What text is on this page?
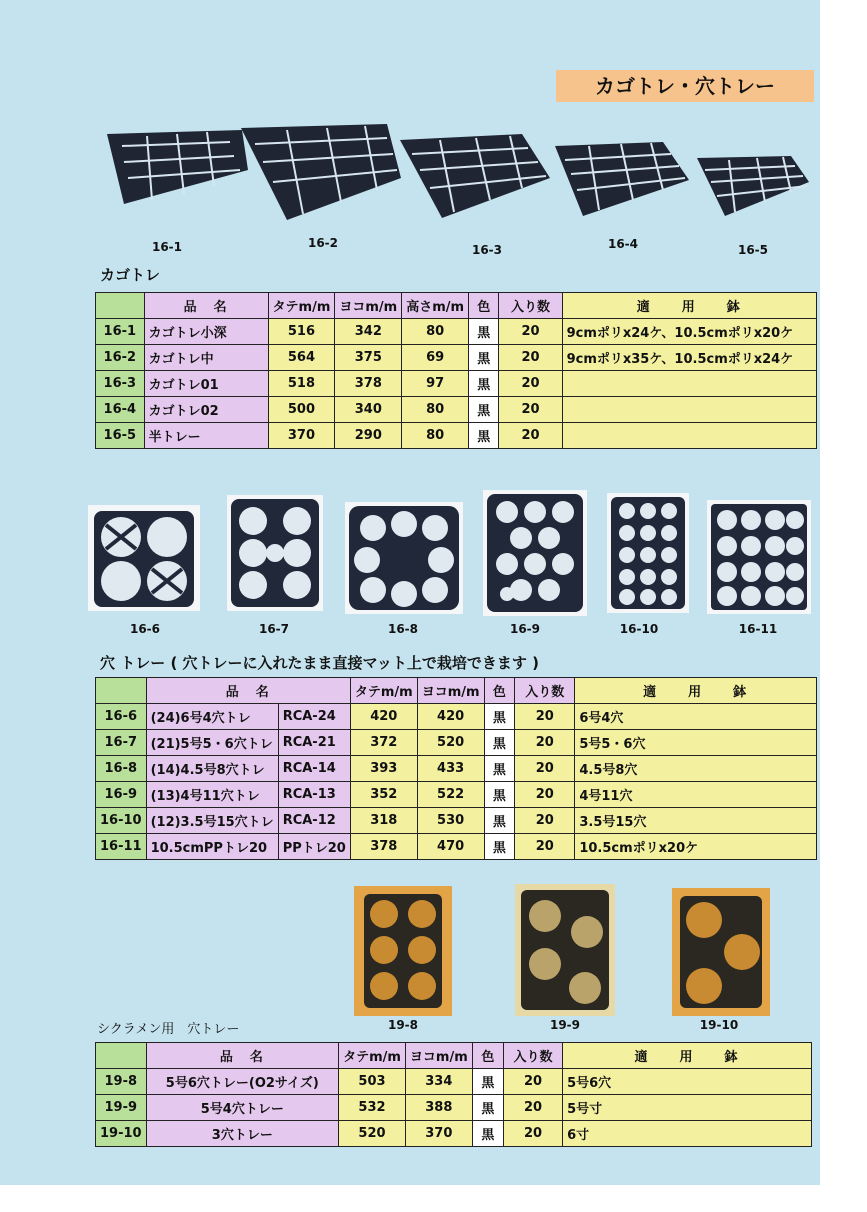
カゴトレ・穴トレー
16-1	16-2	16-3	16-4	16-5
カゴトレ
	品　名	タテm/m	ヨコm/m	高さm/m	色	入り数	適　　用　　鉢
16-1	カゴトレ小深	516	342	80	黒	20	9cmポリx24ケ、10.5cmポリx20ケ
16-2	カゴトレ中	564	375	69	黒	20	9cmポリx35ケ、10.5cmポリx24ケ
16-3	カゴトレ01	518	378	97	黒	20	
16-4	カゴトレ02	500	340	80	黒	20	
16-5	半トレー	370	290	80	黒	20	
16-6	16-7	16-8	16-9	16-10	16-11
穴 トレー ( 穴トレーに入れたまま直接マット上で栽培できます )
	品　名		タテm/m	ヨコm/m	色	入り数	適　　用　　鉢
16-6	(24)6号4穴トレ	RCA-24	420	420	黒	20	6号4穴
16-7	(21)5号5・6穴トレ	RCA-21	372	520	黒	20	5号5・6穴
16-8	(14)4.5号8穴トレ	RCA-14	393	433	黒	20	4.5号8穴
16-9	(13)4号11穴トレ	RCA-13	352	522	黒	20	4号11穴
16-10	(12)3.5号15穴トレ	RCA-12	318	530	黒	20	3.5号15穴
16-11	10.5cmPPトレ20	PPトレ20	378	470	黒	20	10.5cmポリx20ケ
19-8	19-9	19-10
シクラメン用　穴トレー
	品　名	タテm/m	ヨコm/m	色	入り数	適　　用　　鉢
19-8	5号6穴トレー(O2サイズ)	503	334	黒	20	5号6穴
19-9	5号4穴トレー	532	388	黒	20	5号寸
19-10	3穴トレー	520	370	黒	20	6寸
